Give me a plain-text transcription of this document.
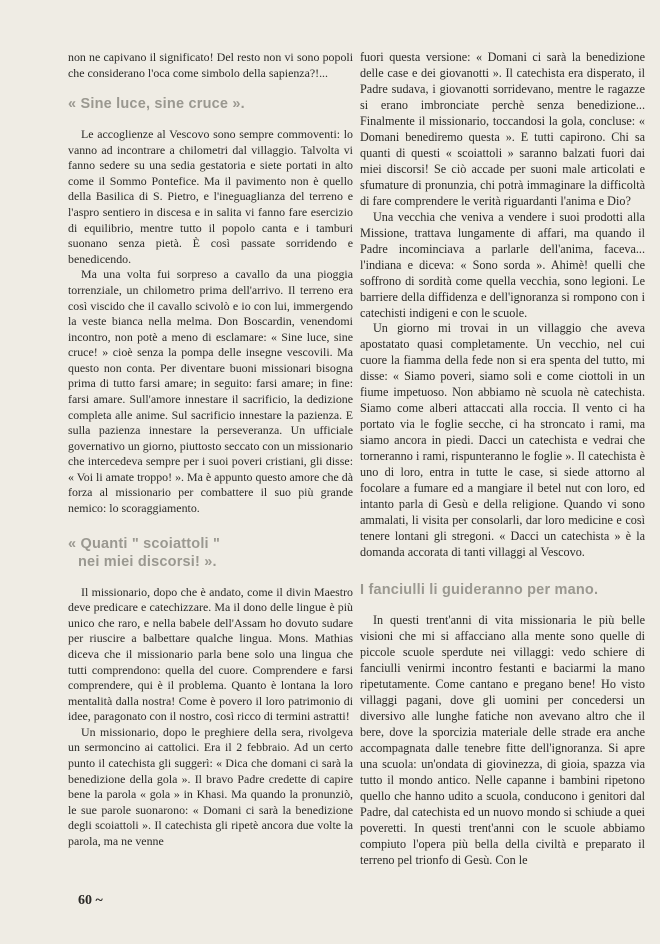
non ne capivano il significato! Del resto non vi sono popoli che considerano l'oca come simbolo della sapienza?!...

« Sine luce, sine cruce ».

Le accoglienze al Vescovo sono sempre commoventi: lo vanno ad incontrare a chilometri dal villaggio. Talvolta vi fanno sedere su una sedia gestatoria e siete portati in alto come il Sommo Pontefice. Ma il pavimento non è quello della Basilica di S. Pietro, e l'ineguaglianza del terreno e l'aspro sentiero in discesa e in salita vi fanno fare esercizio di equilibrio, mentre tutto il popolo canta e i tamburi suonano senza pietà. È così passate sorridendo e benedicendo.

Ma una volta fui sorpreso a cavallo da una pioggia torrenziale, un chilometro prima dell'arrivo. Il terreno era così viscido che il cavallo scivolò e io con lui, immergendo la veste bianca nella melma. Don Boscardin, venendomi incontro, non potè a meno di esclamare: « Sine luce, sine cruce! » cioè senza la pompa delle insegne vescovili. Ma questo non conta. Per diventare buoni missionari bisogna prima di tutto farsi amare; in seguito: farsi amare; in fine: farsi amare. Sull'amore innestare il sacrificio, la dedizione completa alle anime. Sul sacrificio innestare la pazienza. E sulla pazienza innestare la perseveranza. Un ufficiale governativo un giorno, piuttosto seccato con un missionario che intercedeva sempre per i suoi poveri cristiani, gli disse: « Voi li amate troppo! ». Ma è appunto questo amore che dà forza al missionario per combattere il suo più grande nemico: lo scoraggiamento.

« Quanti " scoiattoli "
nei miei discorsi! ».

Il missionario, dopo che è andato, come il divin Maestro deve predicare e catechizzare. Ma il dono delle lingue è più unico che raro, e nella babele dell'Assam ho dovuto sudare per riuscire a balbettare qualche lingua. Mons. Mathias diceva che il missionario parla bene solo una lingua che tutti comprendono: quella del cuore. Comprendere e farsi comprendere, qui è il problema. Quanto è lontana la loro mentalità dalla nostra! Come è povero il loro patrimonio di idee, paragonato con il nostro, così ricco di termini astratti!

Un missionario, dopo le preghiere della sera, rivolgeva un sermoncino ai cattolici. Era il 2 febbraio. Ad un certo punto il catechista gli suggerì: « Dica che domani ci sarà la benedizione della gola ». Il bravo Padre credette di capire bene la parola « gola » in Khasi. Ma quando la pronunziò, le sue parole suonarono: « Domani ci sarà la benedizione degli scoiattoli ». Il catechista gli ripetè ancora due volte la parola, ma ne venne

fuori questa versione: « Domani ci sarà la benedizione delle case e dei giovanotti ». Il catechista era disperato, il Padre sudava, i giovanotti sorridevano, mentre le ragazze si erano imbronciate perchè senza benedizione... Finalmente il missionario, toccandosi la gola, concluse: « Domani benediremo questa ». E tutti capirono. Chi sa quanti di questi « scoiattoli » saranno balzati fuori dai miei discorsi! Se ciò accade per suoni male articolati e sfumature di pronunzia, chi potrà immaginare la difficoltà di fare comprendere le verità riguardanti l'anima e Dio?

Una vecchia che veniva a vendere i suoi prodotti alla Missione, trattava lungamente di affari, ma quando il Padre incominciava a parlarle dell'anima, faceva... l'indiana e diceva: « Sono sorda ». Ahimè! quelli che soffrono di sordità come quella vecchia, sono legioni. Le barriere della diffidenza e dell'ignoranza si rompono con i catechisti indigeni e con le scuole.

Un giorno mi trovai in un villaggio che aveva apostatato quasi completamente. Un vecchio, nel cui cuore la fiamma della fede non si era spenta del tutto, mi disse: « Siamo poveri, siamo soli e come ciottoli in un fiume impetuoso. Non abbiamo nè scuola nè catechista. Siamo come alberi attaccati alla roccia. Il vento ci ha portato via le foglie secche, ci ha stroncato i rami, ma siamo ancora in piedi. Dacci un catechista e vedrai che torneranno i rami, rispunteranno le foglie ». Il catechista è uno di loro, entra in tutte le case, si siede attorno al focolare a fumare ed a mangiare il betel nut con loro, ed intanto parla di Gesù e della religione. Quando vi sono ammalati, li visita per consolarli, dar loro medicine e così tenere lontani gli stregoni. « Dacci un catechista » è la domanda accorata di tanti villaggi al Vescovo.

I fanciulli li guideranno per mano.

In questi trent'anni di vita missionaria le più belle visioni che mi si affacciano alla mente sono quelle di piccole scuole sperdute nei villaggi: vedo schiere di fanciulli venirmi incontro festanti e baciarmi la mano ripetutamente. Come cantano e pregano bene! Ho visto villaggi pagani, dove gli uomini per concedersi un diversivo alle lunghe fatiche non avevano altro che il bere, dove la sporcizia materiale delle strade era anche accompagnata dalle tenebre fitte dell'ignoranza. Si apre una scuola: un'ondata di giovinezza, di gioia, spazza via tutto il mondo antico. Nelle capanne i bambini ripetono quello che hanno udito a scuola, conducono i genitori dal Padre, dal catechista ed un nuovo mondo si schiude a quei poveretti. In questi trent'anni con le scuole abbiamo compiuto l'opera più bella della civiltà e preparato il terreno pel trionfo di Gesù. Con le

60 ~
